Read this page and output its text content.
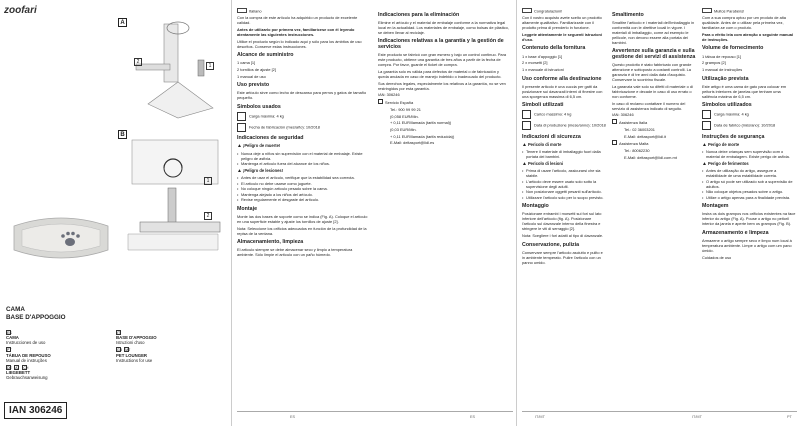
zoofari
A
2
1
B
1
2
CAMA
BASE D'APPOGGIO
ES
CAMA
Instrucciones de uso
PT
TÁBUA DE REPOUSO
Manual de instruções
DE AT CH
LIEGEBETT
Gebrauchsanweisung
IT
BASE D'APPOGGIO
Istruzioni d'uso
GB MT
PET LOUNGER
Instructions for use
IAN 306246

Italiano

Con la compra de este artículo ha adquirido un producto de excelente calidad.

Antes de utilizarlo por primera vez, familiarícese con él leyendo atentamente las siguientes instrucciones.

Utilice el producto según lo indicado aquí y sólo para los ámbitos de uso descritos. Conserve estas instrucciones.

Alcance de suministro

1 cama [1]

2 tornillos de ajuste [2]

1 manual de uso

Uso previsto

Este artículo sirve como lecho de descanso para perros y gatos de tamaño pequeño.

Símbolos usados

Carga máxima: 4 kg

Fecha de fabricación (mes/año): 10/2018

Indicaciones de seguridad
▲¡Peligro de muerte!
• Nunca deje a niños sin supervisión con el material de embalaje. Existe peligro de asfixia.
• Mantenga el artículo fuera del alcance de los niños.
▲¡Peligro de lesiones!
• Antes de usar el artículo, verifique que la estabilidad sea correcta.
• El artículo no debe usarse como juguete.
• No coloque ningún artículo pesado sobre la cama.
• Mantenga alejado a los niños del artículo.
• Revise regularmente el desgaste del artículo.
Montaje

Monte las dos bases de soporte como se indica (Fig. A). Coloque el artículo en una superficie estable y ajuste los tornillos de ajuste [2].

Nota: Seleccione los orificios adecuados en función de la profundidad de la repisa de la ventana.

Almacenamiento, limpieza

El artículo siempre se debe almacenar seco y limpio a temperatura ambiente. Sólo limpie el artículo con un paño húmedo.

Indicaciones para la eliminación

Elimine el artículo y el material de embalaje conforme a la normativa legal local en la actualidad. Los materiales de embalaje, como bolsas de plástico, se deben llevar al reciclaje.

Indicaciones relativas a la garantía y la gestión de servicios

Este producto se fabricó con gran esmero y bajo un control continuo. Para este producto, obtiene una garantía de tres años a partir de la fecha de compra. Por favor, guarde el ticket de compra.

La garantía solo es válida para defectos de material o de fabricación y queda anulada en caso de manejo indebido o inadecuado del producto.

Sus derechos legales, especialmente los relativos a la garantía, no se ven restringidos por esta garantía.

IAN: 306246

Servicio España

Tel.: 900 99 99 21

(0,058 EUR/Min.

+ 0,11 EUR/llamada (tarifa normal))

(0,03 EUR/Min.

+ 0,11 EUR/llamada (tarifa reducida))

E-Mail: deltasport@lidl.es

Congratulazioni!

Con il vostro acquisto avete scelto un prodotto altamente qualitativo. Familiarizzate con il prodotto prima di prenderlo in funzione.

Leggete attentamente le seguenti istruzioni d'uso.

Contenuto della fornitura

1 x base d'appoggio [1]

2 x morsetti [2]

1 x manuale di istruzioni

Uso conforme alla destinazione

Il presente articolo è una cuccia per gatti da posizionare sui davanzali interni di finestre con una sporgenza massima di 6,5 cm.

Simboli utilizzati

Carico massimo: 4 kg

Data di produzione (mese/anno): 10/2018

Indicazioni di sicurezza
▲Pericolo di morte
• Tenere il materiale di imballaggio fuori dalla portata dei bambini.
▲Pericolo di lesioni
• Prima di usare l'articolo, assicurarsi che sia stabile.
• L'articolo deve essere usato solo sotto la supervisione degli adulti.
• Non posizionare oggetti pesanti sull'articolo.
• Utilizzare l'articolo solo per lo scopo previsto.
Montaggio

Posizionare entrambi i morsetti sui fori sul lato inferiore dell'articolo (fig. A). Posizionare l'articolo sul davanzale interno della finestra e stringere le viti di serraggio [2].

Nota: Scegliere i fori adatti al tipo di davanzale.

Conservazione, pulizia

Conservare sempre l'articolo asciutto e pulito e in ambiente temperato. Pulire l'articolo con un panno umido.

Smaltimento

Smaltire l'articolo e i materiali dell'imballaggio in conformità con le direttive locali in vigore. I materiali di imballaggio, come ad esempio le pellicole, non devono essere alla portata dei bambini.

Avvertenze sulla garanzia e sulla gestione dei servizi di assistenza

Questo prodotto è stato fabbricato con grande attenzione e sottoposto a costanti controlli. La garanzia è di tre anni dalla data d'acquisto. Conservare lo scontrino fiscale.

La garanzia vale solo su difetti di materiale o di fabbricazione e decade in caso di uso errato o non conforme.

In caso di reclamo contattare il numero del servizio di assistenza indicato di seguito.

IAN: 306246

Assistenza Italia

Tel.: 02 36003201

E-Mail: deltasport@lidl.it

Assistenza Malta

Tel.: 80062230

E-Mail: deltasport@lidl.com.mt

Muitos Parabéns!

Com a sua compra optou por um produto de alta qualidade. Antes de o utilizar pela primeira vez, familiarize-se com o produto.

Para o efeito leia com atenção o seguinte manual de instruções.

Volume de fornecimento

1 tábua de repouso [1]

2 grampos [2]

1 manual de instruções

Utilização prevista

Este artigo é uma cama de gato para colocar em peitoris interiores de janelas que tenham uma saliência máxima de 6,5 cm.

Símbolos utilizados

Carga máxima: 4 kg

Data de fabrico (mês/ano): 10/2018

Instruções de segurança
▲Perigo de morte
• Nunca deixe crianças sem supervisão com o material de embalagem. Existe perigo de asfixia.
▲Perigo de ferimentos
• Antes de utilização do artigo, assegure a estabilidade de uma estabilidade correta.
• O artigo só pode ser utilizado sob a supervisão de adultos.
• Não coloque objetos pesados sobre o artigo.
• Utilize o artigo apenas para a finalidade prevista.
Montagem

Insira os dois grampos nos orifícios existentes na face inferior do artigo (Fig. A). Pouse o artigo no peitoril interior da janela e aperte bem os grampos (Fig. B).

Armazenamento e limpeza

Armazene o artigo sempre seco e limpo num local à temperatura ambiente. Limpe o artigo com um pano úmido.

Cuidados de uso

ES	ES	IT/MT	IT/MT	PT
